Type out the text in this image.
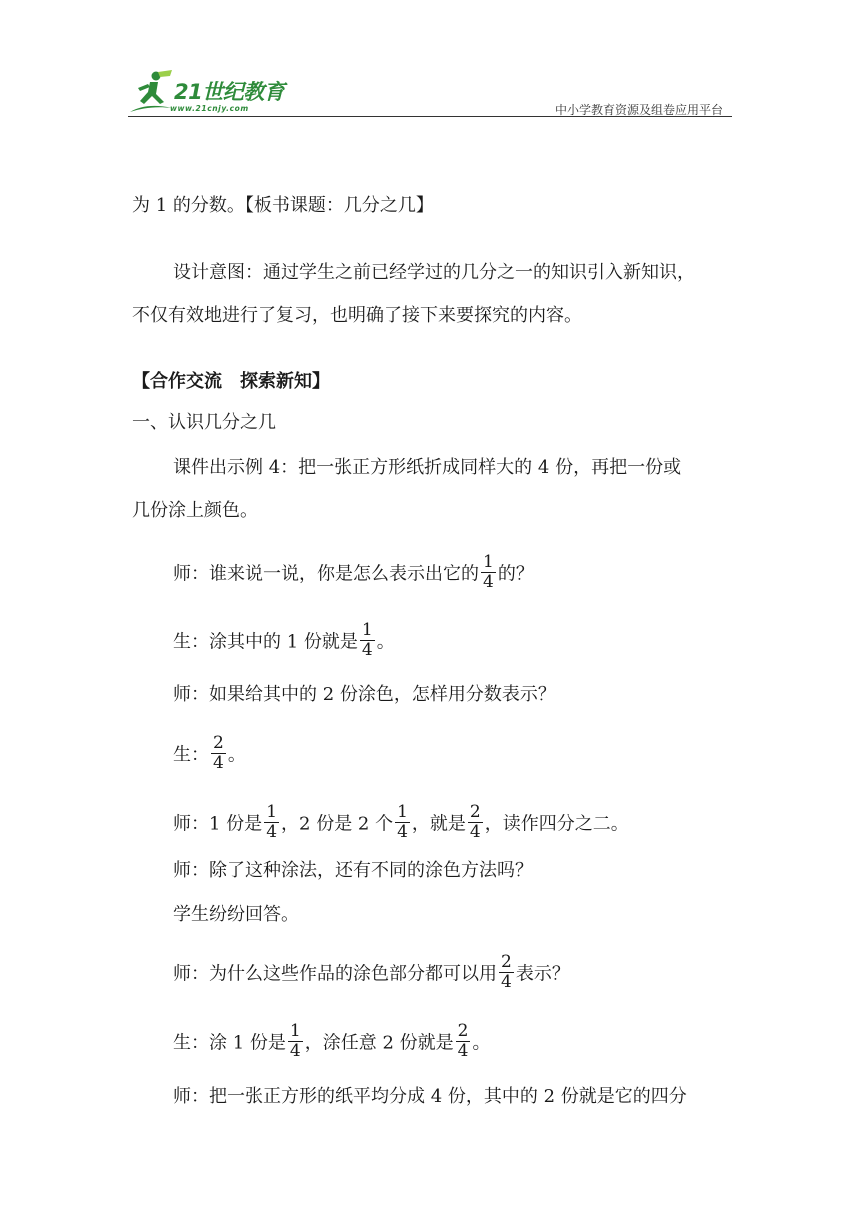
21世纪教育
www.21cnjy.com	中小学教育资源及组卷应用平台
为 1 的分数。【板书课题：几分之几】
设计意图：通过学生之前已经学过的几分之一的知识引入新知识，
不仅有效地进行了复习，也明确了接下来要探究的内容。
【合作交流　探索新知】
一、认识几分之几
课件出示例 4：把一张正方形纸折成同样大的 4 份，再把一份或
几份涂上颜色。
师：谁来说一说，你是怎么表示出它的 $\frac{1}{4}$ 的？
生：涂其中的 1 份就是 $\frac{1}{4}$ 。
师：如果给其中的 2 份涂色，怎样用分数表示？
生： $\frac{2}{4}$ 。
师：1 份是 $\frac{1}{4}$ ，2 份是 2 个 $\frac{1}{4}$ ，就是 $\frac{2}{4}$ ，读作四分之二。
师：除了这种涂法，还有不同的涂色方法吗？
学生纷纷回答。
师：为什么这些作品的涂色部分都可以用 $\frac{2}{4}$ 表示？
生：涂 1 份是 $\frac{1}{4}$ ，涂任意 2 份就是 $\frac{2}{4}$ 。
师：把一张正方形的纸平均分成 4 份，其中的 2 份就是它的四分
